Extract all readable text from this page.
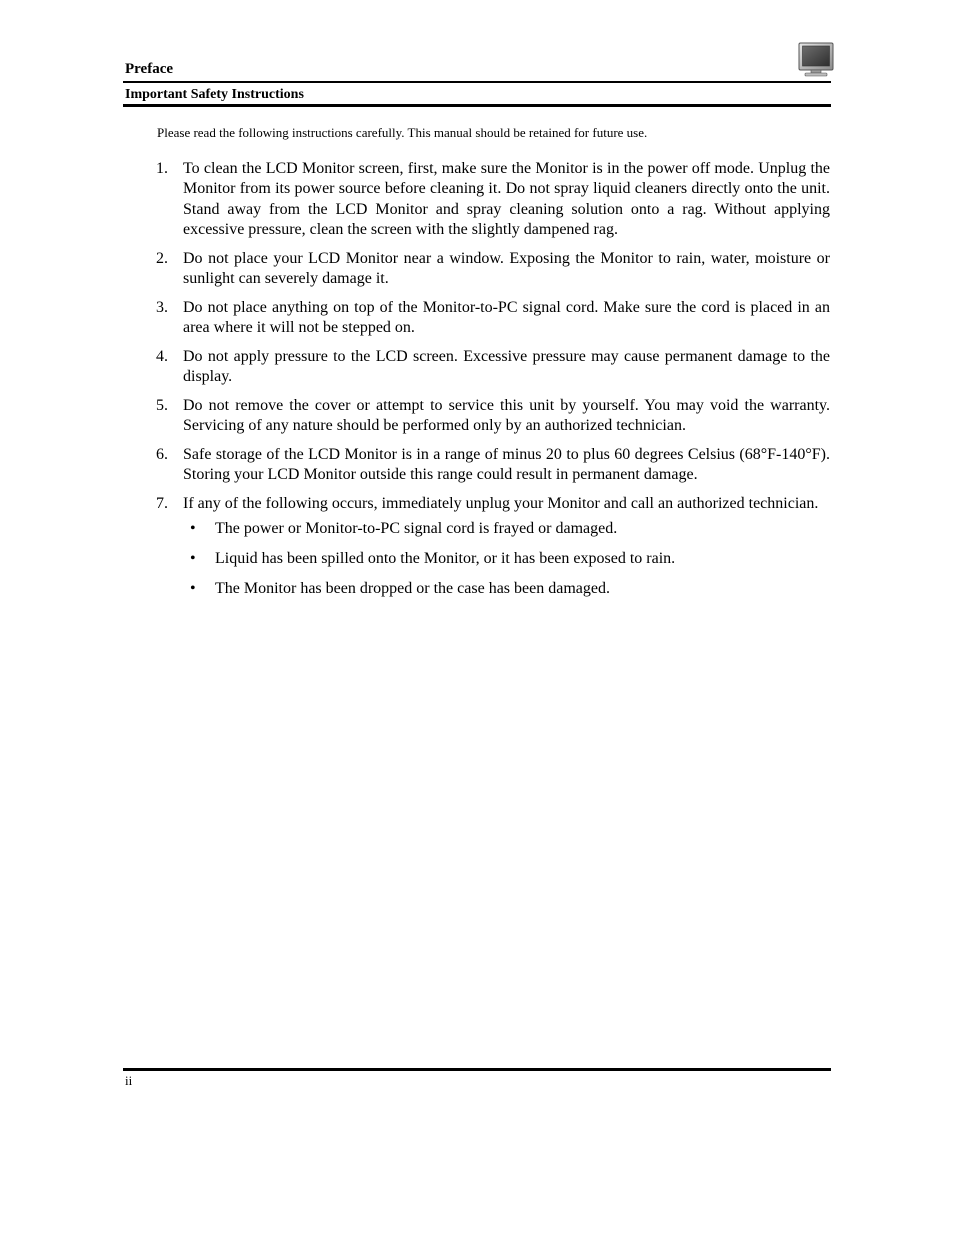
Preface
Important Safety Instructions
Please read the following instructions carefully. This manual should be retained for future use.
1. To clean the LCD Monitor screen, first, make sure the Monitor is in the power off mode. Unplug the Monitor from its power source before cleaning it. Do not spray liquid cleaners directly onto the unit. Stand away from the LCD Monitor and spray cleaning solution onto a rag. Without applying excessive pressure, clean the screen with the slightly dampened rag.
2. Do not place your LCD Monitor near a window. Exposing the Monitor to rain, water, moisture or sunlight can severely damage it.
3. Do not place anything on top of the Monitor-to-PC signal cord. Make sure the cord is placed in an area where it will not be stepped on.
4. Do not apply pressure to the LCD screen. Excessive pressure may cause permanent damage to the display.
5. Do not remove the cover or attempt to service this unit by yourself. You may void the warranty. Servicing of any nature should be performed only by an authorized technician.
6. Safe storage of the LCD Monitor is in a range of minus 20 to plus 60 degrees Celsius (68°F-140°F). Storing your LCD Monitor outside this range could result in permanent damage.
7. If any of the following occurs, immediately unplug your Monitor and call an authorized technician.
• The power or Monitor-to-PC signal cord is frayed or damaged.
• Liquid has been spilled onto the Monitor, or it has been exposed to rain.
• The Monitor has been dropped or the case has been damaged.
ii
